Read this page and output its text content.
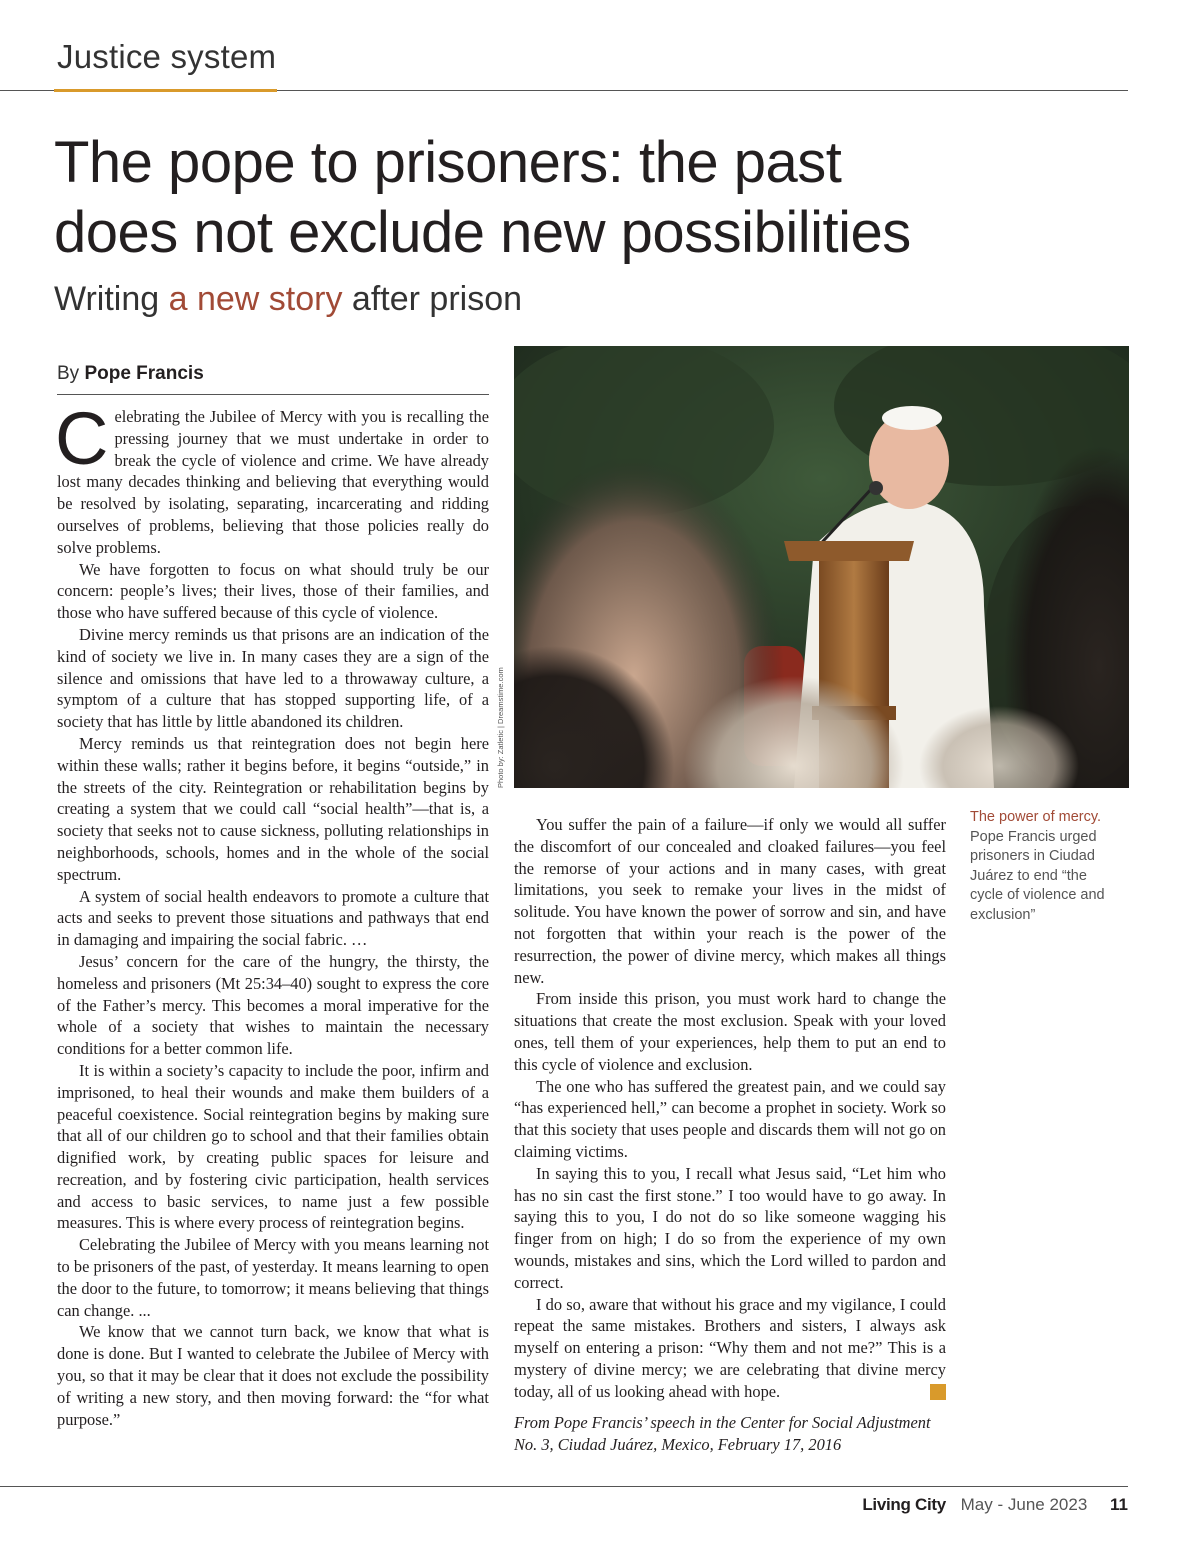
Justice system
The pope to prisoners: the past
does not exclude new possibilities
Writing a new story after prison
By Pope Francis

Celebrating the Jubilee of Mercy with you is recalling the pressing journey that we must undertake in order to break the cycle of violence and crime. We have already lost many decades thinking and believing that everything would be resolved by isolating, separating, incarcerating and ridding ourselves of problems, believing that those policies really do solve problems.

We have forgotten to focus on what should truly be our concern: people’s lives; their lives, those of their families, and those who have suffered because of this cycle of violence.

Divine mercy reminds us that prisons are an indication of the kind of society we live in. In many cases they are a sign of the silence and omissions that have led to a throwaway culture, a symptom of a culture that has stopped supporting life, of a society that has little by little abandoned its children.

Mercy reminds us that reintegration does not begin here within these walls; rather it begins before, it begins “outside,” in the streets of the city. Reintegration or rehabilitation begins by creating a system that we could call “social health”—that is, a society that seeks not to cause sickness, polluting relationships in neighborhoods, schools, homes and in the whole of the social spectrum.

A system of social health endeavors to promote a culture that acts and seeks to prevent those situations and pathways that end in damaging and impairing the social fabric. …

Jesus’ concern for the care of the hungry, the thirsty, the homeless and prisoners (Mt 25:34–40) sought to express the core of the Father’s mercy. This becomes a moral imperative for the whole of a society that wishes to maintain the necessary conditions for a better common life.

It is within a society’s capacity to include the poor, infirm and imprisoned, to heal their wounds and make them builders of a peaceful coexistence. Social reintegration begins by making sure that all of our children go to school and that their families obtain dignified work, by creating public spaces for leisure and recreation, and by fostering civic participation, health services and access to basic services, to name just a few possible measures. This is where every process of reintegration begins.

Celebrating the Jubilee of Mercy with you means learning not to be prisoners of the past, of yesterday. It means learning to open the door to the future, to tomorrow; it means believing that things can change. ...

We know that we cannot turn back, we know that what is done is done. But I wanted to celebrate the Jubilee of Mercy with you, so that it may be clear that it does not exclude the possibility of writing a new story, and then moving forward: the “for what purpose.”

Photo by: Zatletic | Dreamstime.com
The power of mercy.
Pope Francis urged prisoners in Ciudad Juárez to end “the cycle of violence and exclusion”

You suffer the pain of a failure—if only we would all suffer the discomfort of our concealed and cloaked failures—you feel the remorse of your actions and in many cases, with great limitations, you seek to remake your lives in the midst of solitude. You have known the power of sorrow and sin, and have not forgotten that within your reach is the power of the resurrection, the power of divine mercy, which makes all things new.

From inside this prison, you must work hard to change the situations that create the most exclusion. Speak with your loved ones, tell them of your experiences, help them to put an end to this cycle of violence and exclusion.

The one who has suffered the greatest pain, and we could say “has experienced hell,” can become a prophet in society. Work so that this society that uses people and discards them will not go on claiming victims.

In saying this to you, I recall what Jesus said, “Let him who has no sin cast the first stone.” I too would have to go away. In saying this to you, I do not do so like someone wagging his finger from on high; I do so from the experience of my own wounds, mistakes and sins, which the Lord willed to pardon and correct.

I do so, aware that without his grace and my vigilance, I could repeat the same mistakes. Brothers and sisters, I always ask myself on entering a prison: “Why them and not me?” This is a mystery of divine mercy; we are celebrating that divine mercy today, all of us looking ahead with hope.	LC

From Pope Francis’ speech in the Center for Social Adjustment No. 3, Ciudad Juárez, Mexico, February 17, 2016
Living City May - June 2023 11
